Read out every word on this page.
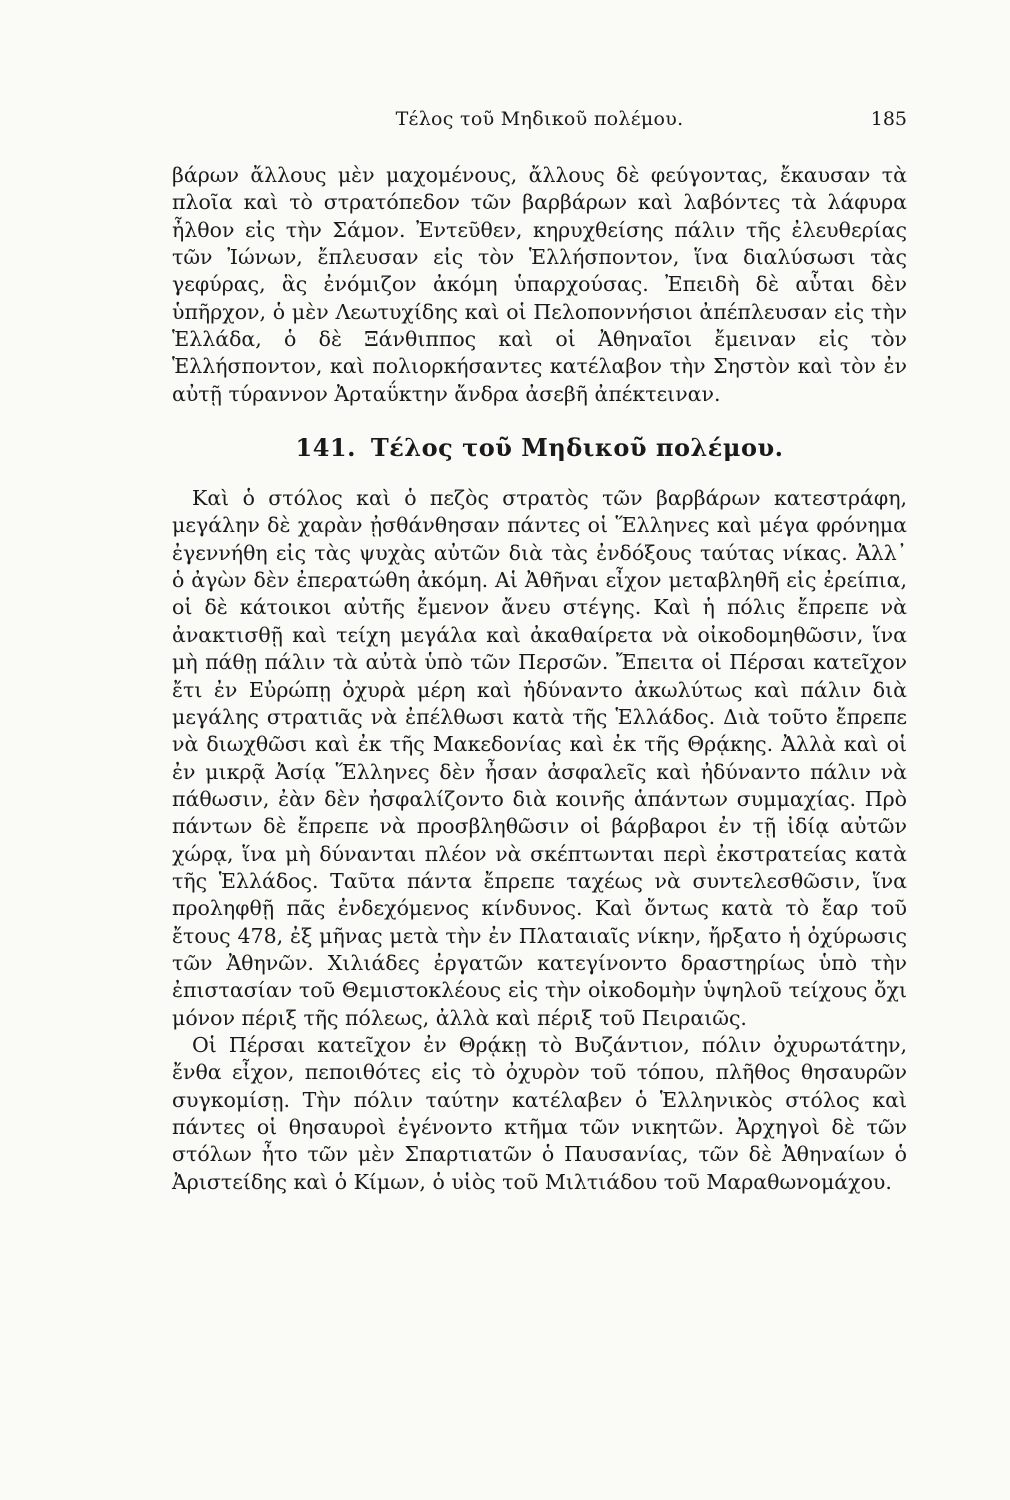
Τέλος τοῦ Μηδικοῦ πολέμου.	185

βάρων ἄλλους μὲν μαχομένους, ἄλλους δὲ φεύγοντας, ἔκαυσαν τὰ πλοῖα καὶ τὸ στρατόπεδον τῶν βαρβάρων καὶ λαβόντες τὰ λάφυρα ἦλθον εἰς τὴν Σάμον. Ἐντεῦθεν, κηρυχθείσης πάλιν τῆς ἐλευθερίας τῶν Ἰώνων, ἔπλευσαν εἰς τὸν Ἑλλήσποντον, ἵνα διαλύσωσι τὰς γεφύρας, ἃς ἐνόμιζον ἀκόμη ὑπαρχούσας. Ἐπειδὴ δὲ αὗται δὲν ὑπῆρχον, ὁ μὲν Λεωτυχίδης καὶ οἱ Πελοποννήσιοι ἀπέπλευσαν εἰς τὴν Ἑλλάδα, ὁ δὲ Ξάνθιππος καὶ οἱ Ἀθηναῖοι ἔμειναν εἰς τὸν Ἑλλήσποντον, καὶ πολιορκήσαντες κατέλαβον τὴν Σηστὸν καὶ τὸν ἐν αὐτῇ τύραννον Ἀρταΰκτην ἄνδρα ἀσεβῆ ἀπέκτειναν.

141. Τέλος τοῦ Μηδικοῦ πολέμου.

Καὶ ὁ στόλος καὶ ὁ πεζὸς στρατὸς τῶν βαρβάρων κατεστράφη, μεγάλην δὲ χαρὰν ᾐσθάνθησαν πάντες οἱ Ἕλληνες καὶ μέγα φρόνημα ἐγεννήθη εἰς τὰς ψυχὰς αὐτῶν διὰ τὰς ἐνδόξους ταύτας νίκας. Ἀλλ᾽ ὁ ἀγὼν δὲν ἐπερατώθη ἀκόμη. Αἱ Ἀθῆναι εἶχον μεταβληθῆ εἰς ἐρείπια, οἱ δὲ κάτοικοι αὐτῆς ἔμενον ἄνευ στέγης. Καὶ ἡ πόλις ἔπρεπε νὰ ἀνακτισθῇ καὶ τείχη μεγάλα καὶ ἀκαθαίρετα νὰ οἰκοδομηθῶσιν, ἵνα μὴ πάθῃ πάλιν τὰ αὐτὰ ὑπὸ τῶν Περσῶν. Ἔπειτα οἱ Πέρσαι κατεῖχον ἔτι ἐν Εὐρώπῃ ὀχυρὰ μέρη καὶ ἠδύναντο ἀκωλύτως καὶ πάλιν διὰ μεγάλης στρατιᾶς νὰ ἐπέλθωσι κατὰ τῆς Ἑλλάδος. Διὰ τοῦτο ἔπρεπε νὰ διωχθῶσι καὶ ἐκ τῆς Μακεδονίας καὶ ἐκ τῆς Θρᾴκης. Ἀλλὰ καὶ οἱ ἐν μικρᾷ Ἀσίᾳ Ἕλληνες δὲν ἦσαν ἀσφαλεῖς καὶ ἠδύναντο πάλιν νὰ πάθωσιν, ἐὰν δὲν ἠσφαλίζοντο διὰ κοινῆς ἁπάντων συμμαχίας. Πρὸ πάντων δὲ ἔπρεπε νὰ προσβληθῶσιν οἱ βάρβαροι ἐν τῇ ἰδίᾳ αὐτῶν χώρᾳ, ἵνα μὴ δύνανται πλέον νὰ σκέπτωνται περὶ ἐκστρατείας κατὰ τῆς Ἑλλάδος. Ταῦτα πάντα ἔπρεπε ταχέως νὰ συντελεσθῶσιν, ἵνα προληφθῇ πᾶς ἐνδεχόμενος κίνδυνος. Καὶ ὄντως κατὰ τὸ ἔαρ τοῦ ἔτους 478, ἐξ μῆνας μετὰ τὴν ἐν Πλαταιαῖς νίκην, ἤρξατο ἡ ὀχύρωσις τῶν Ἀθηνῶν. Χιλιάδες ἐργατῶν κατεγίνοντο δραστηρίως ὑπὸ τὴν ἐπιστασίαν τοῦ Θεμιστοκλέους εἰς τὴν οἰκοδομὴν ὑψηλοῦ τείχους ὄχι μόνον πέριξ τῆς πόλεως, ἀλλὰ καὶ πέριξ τοῦ Πειραιῶς.

Οἱ Πέρσαι κατεῖχον ἐν Θρᾴκῃ τὸ Βυζάντιον, πόλιν ὀχυρωτάτην, ἔνθα εἶχον, πεποιθότες εἰς τὸ ὀχυρὸν τοῦ τόπου, πλῆθος θησαυρῶν συγκομίσῃ. Τὴν πόλιν ταύτην κατέλαβεν ὁ Ἑλληνικὸς στόλος καὶ πάντες οἱ θησαυροὶ ἐγένοντο κτῆμα τῶν νικητῶν. Ἀρχηγοὶ δὲ τῶν στόλων ἦτο τῶν μὲν Σπαρτιατῶν ὁ Παυσανίας, τῶν δὲ Ἀθηναίων ὁ Ἀριστείδης καὶ ὁ Κίμων, ὁ υἱὸς τοῦ Μιλτιάδου τοῦ Μαραθωνομάχου.
